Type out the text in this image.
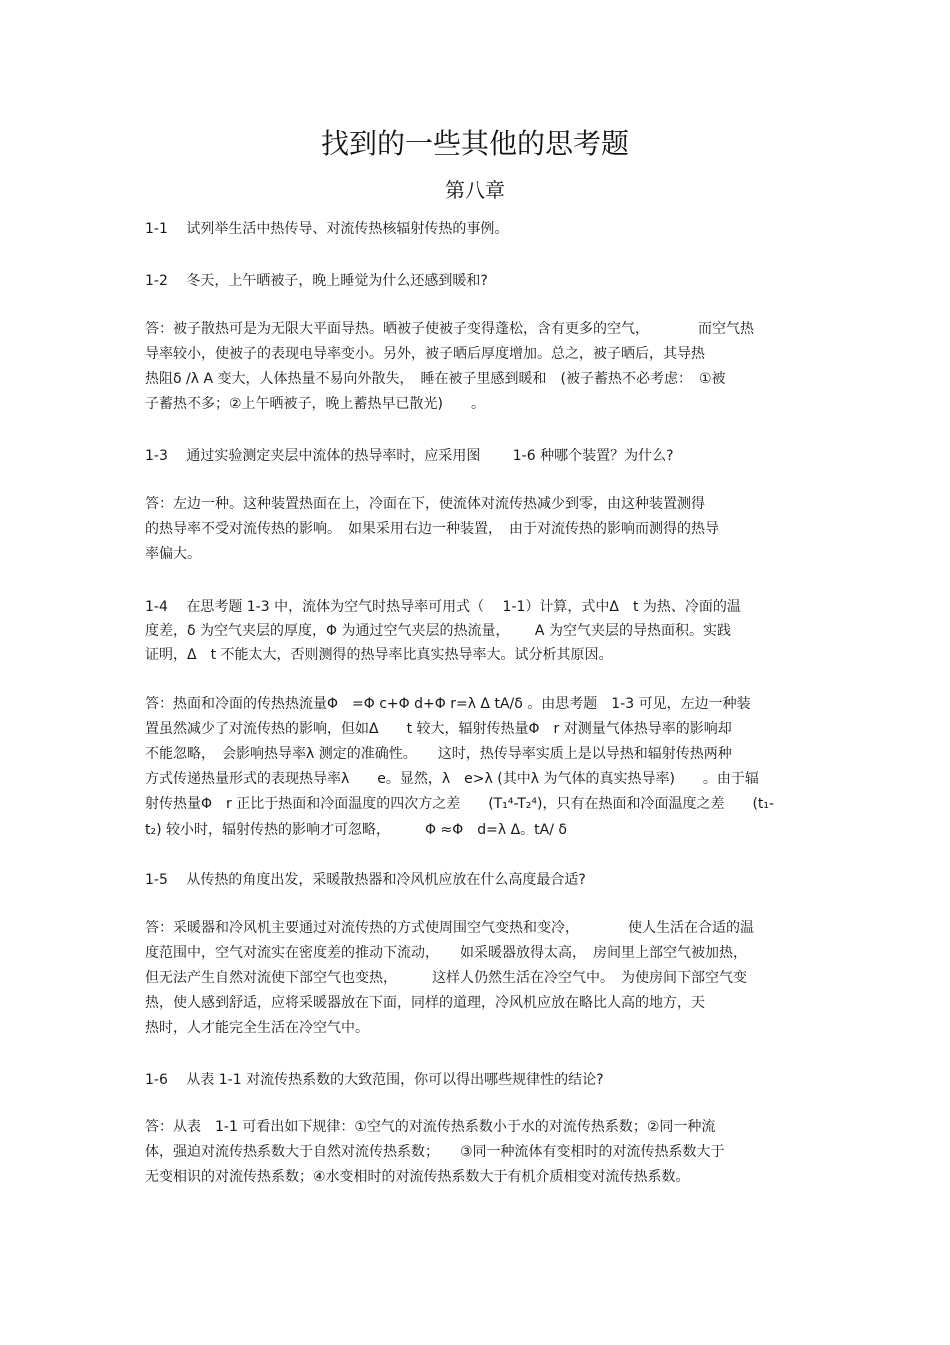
找到的一些其他的思考题
第八章
1-1　 试列举生活中热传导、对流传热核辐射传热的事例。
1-2　 冬天，上午晒被子，晚上睡觉为什么还感到暖和?
答：被子散热可是为无限大平面导热。晒被子使被子变得蓬松，含有更多的空气，　　　　而空气热
导率较小，使被子的表现电导率变小。另外，被子晒后厚度增加。总之，被子晒后，其导热
热阻δ /λ A 变大，人体热量不易向外散失，　睡在被子里感到暖和　(被子蓄热不必考虑：　①被
子蓄热不多；②上午晒被子，晚上蓄热早已散光)　　。
1-3　 通过实验测定夹层中流体的热导率时，应采用图　　 1-6 种哪个装置？为什么?
答：左边一种。这种装置热面在上，冷面在下，使流体对流传热减少到零，由这种装置测得
的热导率不受对流传热的影响。　如果采用右边一种装置，　由于对流传热的影响而测得的热导
率偏大。
1-4　 在思考题 1-3 中，流体为空气时热导率可用式（　 1-1）计算，式中Δ　t 为热、冷面的温
度差，δ 为空气夹层的厚度，Φ 为通过空气夹层的热流量，　　 A 为空气夹层的导热面积。实践
证明，Δ　t 不能太大，否则测得的热导率比真实热导率大。试分析其原因。
答：热面和冷面的传热热流量Φ　=Φ c+Φ d+Φ r=λ Δ tA/δ 。由思考题　1-3 可见，左边一种装
置虽然减少了对流传热的影响，但如Δ　　t 较大，辐射传热量Φ　r 对测量气体热导率的影响却
不能忽略，　会影响热导率λ 测定的准确性。　　这时，热传导率实质上是以导热和辐射传热两种
方式传递热量形式的表现热导率λ　　e。显然，λ　e>λ (其中λ 为气体的真实热导率)　　。由于辐
射传热量Φ　r 正比于热面和冷面温度的四次方之差　　(T₁⁴-T₂⁴)，只有在热面和冷面温度之差　　(t₁-
t₂) 较小时，辐射传热的影响才可忽略，　　　Φ ≈Φ　d=λ Δ。tA/ δ
1-5　 从传热的角度出发，采暖散热器和冷风机应放在什么高度最合适?
答：采暖器和冷风机主要通过对流传热的方式使周围空气变热和变冷，　　　　使人生活在合适的温
度范围中，空气对流实在密度差的推动下流动，　　如采暖器放得太高，　房间里上部空气被加热，
但无法产生自然对流使下部空气也变热，　　　这样人仍然生活在冷空气中。　为使房间下部空气变
热，使人感到舒适，应将采暖器放在下面，同样的道理，冷风机应放在略比人高的地方，天
热时，人才能完全生活在冷空气中。
1-6　 从表 1-1 对流传热系数的大致范围，你可以得出哪些规律性的结论?
答：从表　1-1 可看出如下规律：①空气的对流传热系数小于水的对流传热系数；②同一种流
体，强迫对流传热系数大于自然对流传热系数；　　③同一种流体有变相时的对流传热系数大于
无变相识的对流传热系数；④水变相时的对流传热系数大于有机介质相变对流传热系数。
